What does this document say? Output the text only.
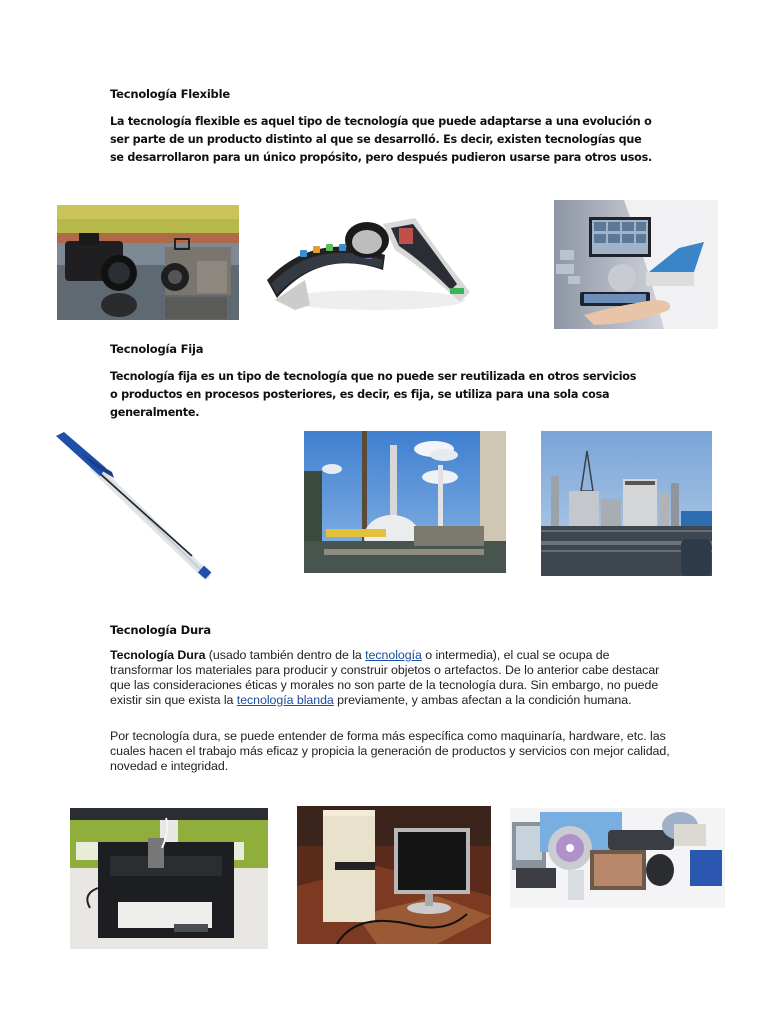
Tecnología Flexible
La tecnología flexible es aquel tipo de tecnología que puede adaptarse a una evolución o ser parte de un producto distinto al que se desarrolló. Es decir, existen tecnologías que se desarrollaron para un único propósito, pero después pudieron usarse para otros usos.
Tecnología Fija
Tecnología fija es un tipo de tecnología que no puede ser reutilizada en otros servicios o productos en procesos posteriores, es decir, es fija, se utiliza para una sola cosa generalmente.
Tecnología Dura
Tecnología Dura (usado también dentro de la tecnología o intermedia), el cual se ocupa de transformar los materiales para producir y construir objetos o artefactos. De lo anterior cabe destacar que las consideraciones éticas y morales no son parte de la tecnología dura. Sin embargo, no puede existir sin que exista la tecnología blanda previamente, y ambas afectan a la condición humana.
Por tecnología dura, se puede entender de forma más específica como maquinaría, hardware, etc. las cuales hacen el trabajo más eficaz y propicia la generación de productos y servicios con mejor calidad, novedad e integridad.
